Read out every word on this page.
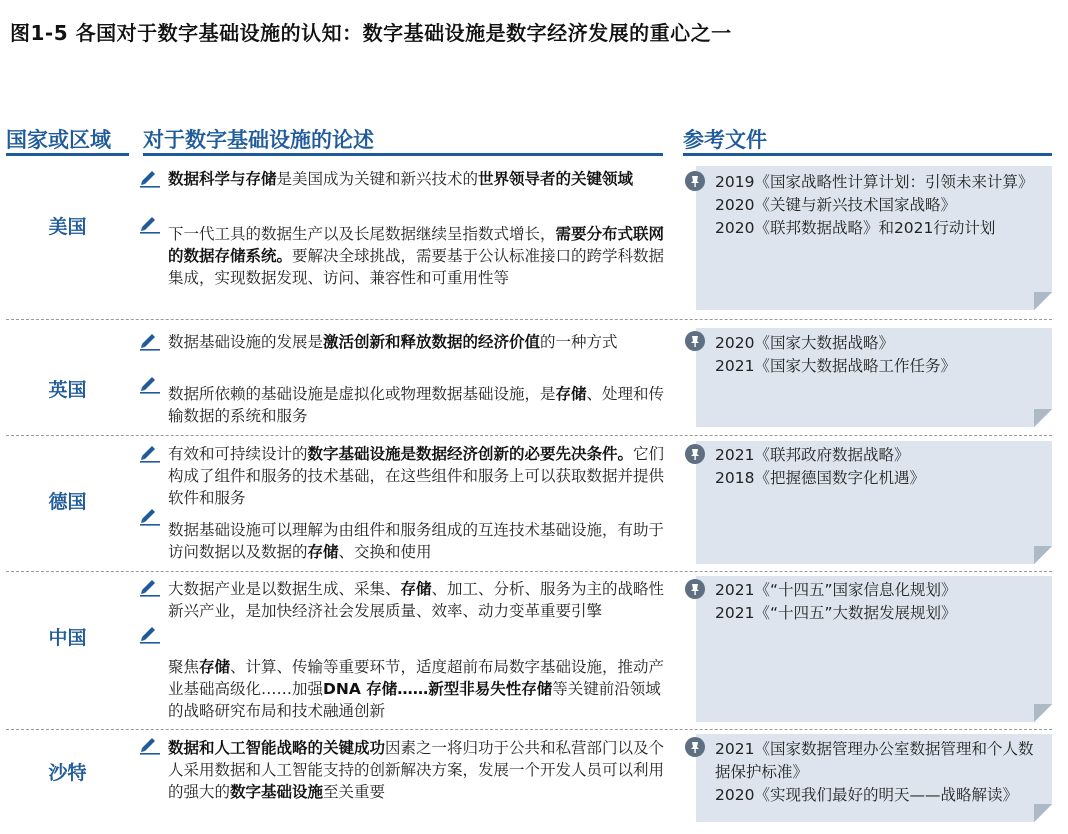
图1-5 各国对于数字基础设施的认知：数字基础设施是数字经济发展的重心之一
国家或区域	对于数字基础设施的论述	参考文件
美国
数据科学与存储是美国成为关键和新兴技术的世界领导者的关键领域
下一代工具的数据生产以及长尾数据继续呈指数式增长，需要分布式联网的数据存储系统。要解决全球挑战，需要基于公认标准接口的跨学科数据集成，实现数据发现、访问、兼容性和可重用性等
2019《国家战略性计算计划：引领未来计算》
2020《关键与新兴技术国家战略》
2020《联邦数据战略》和2021行动计划
英国
数据基础设施的发展是激活创新和释放数据的经济价值的一种方式
数据所依赖的基础设施是虚拟化或物理数据基础设施，是存储、处理和传输数据的系统和服务
2020《国家大数据战略》
2021《国家大数据战略工作任务》
德国
有效和可持续设计的数字基础设施是数据经济创新的必要先决条件。它们构成了组件和服务的技术基础，在这些组件和服务上可以获取数据并提供软件和服务
数据基础设施可以理解为由组件和服务组成的互连技术基础设施，有助于访问数据以及数据的存储、交换和使用
2021《联邦政府数据战略》
2018《把握德国数字化机遇》
中国
大数据产业是以数据生成、采集、存储、加工、分析、服务为主的战略性新兴产业，是加快经济社会发展质量、效率、动力变革重要引擎
聚焦存储、计算、传输等重要环节，适度超前布局数字基础设施，推动产业基础高级化……加强DNA 存储……新型非易失性存储等关键前沿领域的战略研究布局和技术融通创新
2021《“十四五”国家信息化规划》
2021《“十四五”大数据发展规划》
沙特
数据和人工智能战略的关键成功因素之一将归功于公共和私营部门以及个人采用数据和人工智能支持的创新解决方案，发展一个开发人员可以利用的强大的数字基础设施至关重要
2021《国家数据管理办公室数据管理和个人数据保护标准》
2020《实现我们最好的明天——战略解读》
